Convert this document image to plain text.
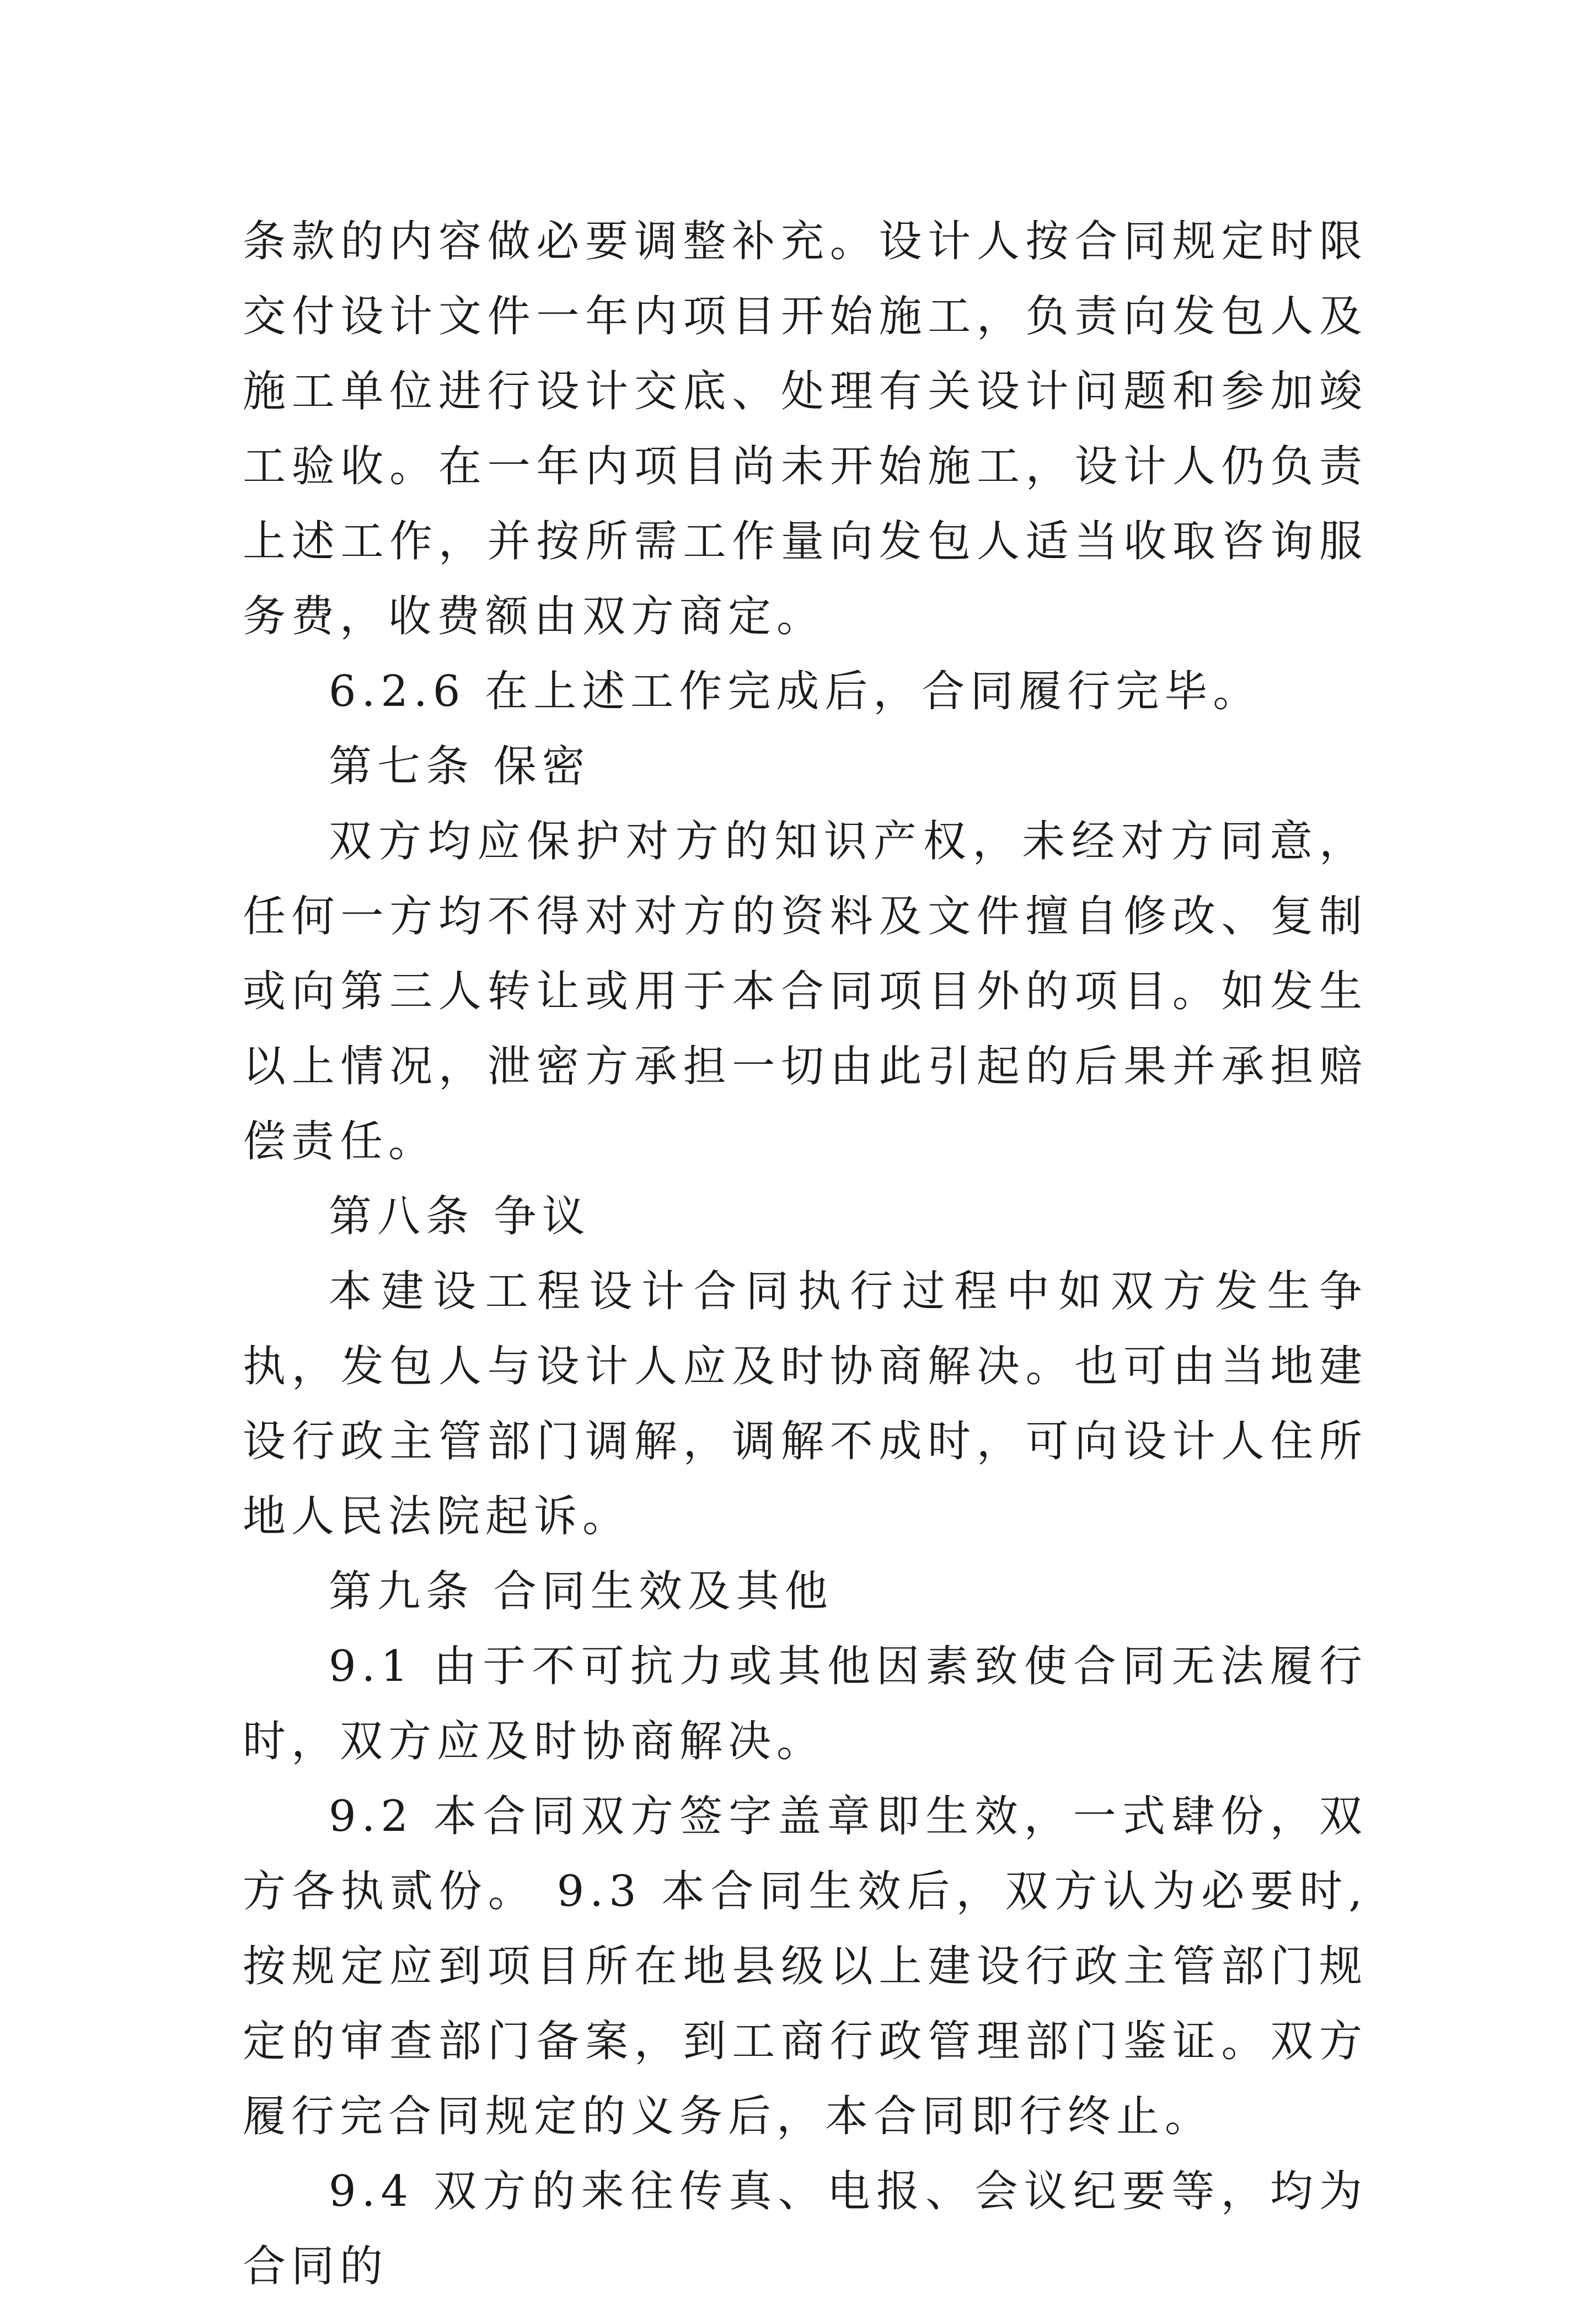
条款的内容做必要调整补充。设计人按合同规定时限交付设计文件一年内项目开始施工，负责向发包人及施工单位进行设计交底、处理有关设计问题和参加竣工验收。在一年内项目尚未开始施工，设计人仍负责上述工作，并按所需工作量向发包人适当收取咨询服务费，收费额由双方商定。

6.2.6 在上述工作完成后，合同履行完毕。

第七条 保密

双方均应保护对方的知识产权，未经对方同意，任何一方均不得对对方的资料及文件擅自修改、复制或向第三人转让或用于本合同项目外的项目。如发生以上情况，泄密方承担一切由此引起的后果并承担赔偿责任。

第八条 争议

本建设工程设计合同执行过程中如双方发生争执，发包人与设计人应及时协商解决。也可由当地建设行政主管部门调解，调解不成时，可向设计人住所地人民法院起诉。

第九条 合同生效及其他

9.1 由于不可抗力或其他因素致使合同无法履行时，双方应及时协商解决。

9.2 本合同双方签字盖章即生效，一式肆份，双方各执贰份。 9.3 本合同生效后，双方认为必要时,按规定应到项目所在地县级以上建设行政主管部门规定的审查部门备案，到工商行政管理部门鉴证。双方履行完合同规定的义务后，本合同即行终止。

9.4 双方的来往传真、电报、会议纪要等，均为合同的
